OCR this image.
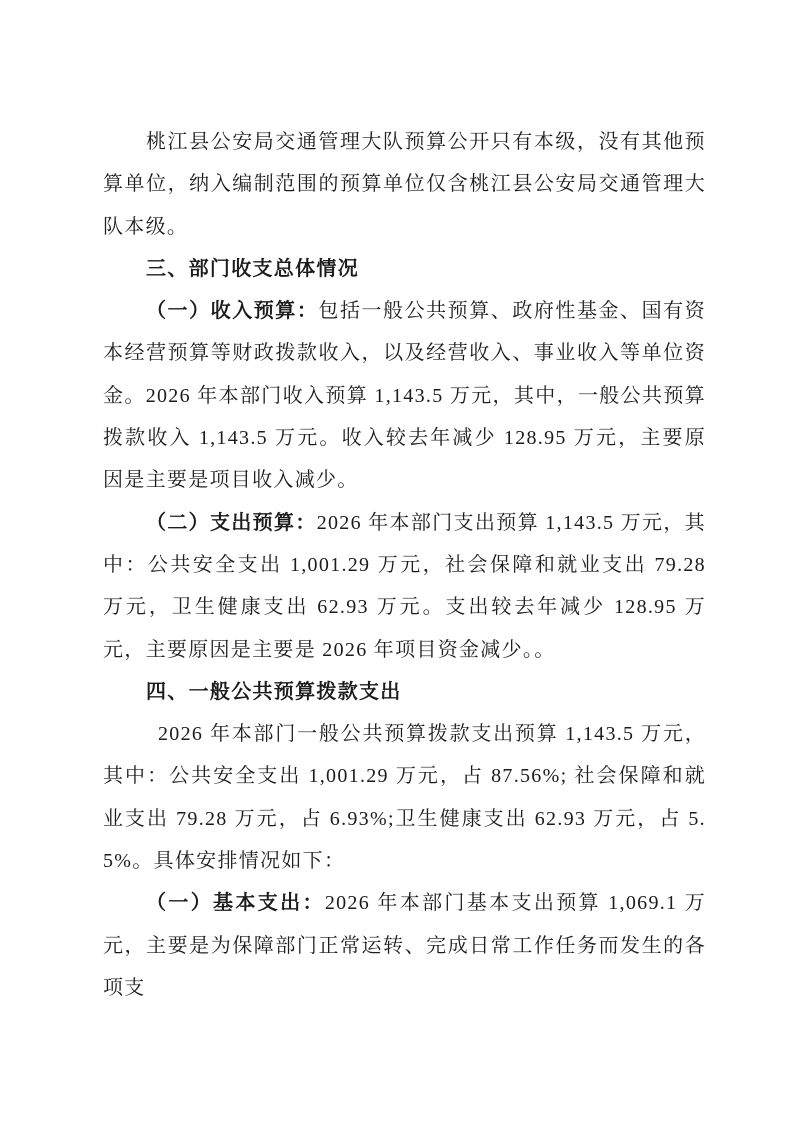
桃江县公安局交通管理大队预算公开只有本级，没有其他预算单位，纳入编制范围的预算单位仅含桃江县公安局交通管理大队本级。

三、部门收支总体情况

（一）收入预算：包括一般公共预算、政府性基金、国有资本经营预算等财政拨款收入，以及经营收入、事业收入等单位资金。2026 年本部门收入预算 1,143.5 万元，其中，一般公共预算拨款收入 1,143.5 万元。收入较去年减少 128.95 万元，主要原因是主要是项目收入减少。

（二）支出预算：2026 年本部门支出预算 1,143.5 万元，其中：公共安全支出 1,001.29 万元，社会保障和就业支出 79.28 万元，卫生健康支出 62.93 万元。支出较去年减少 128.95 万元，主要原因是主要是 2026 年项目资金减少。。

四、一般公共预算拨款支出

2026 年本部门一般公共预算拨款支出预算 1,143.5 万元，其中：公共安全支出 1,001.29 万元，占 87.56%; 社会保障和就业支出 79.28 万元，占 6.93%;卫生健康支出 62.93 万元，占 5.5%。具体安排情况如下：

（一）基本支出：2026 年本部门基本支出预算 1,069.1 万元，主要是为保障部门正常运转、完成日常工作任务而发生的各项支
